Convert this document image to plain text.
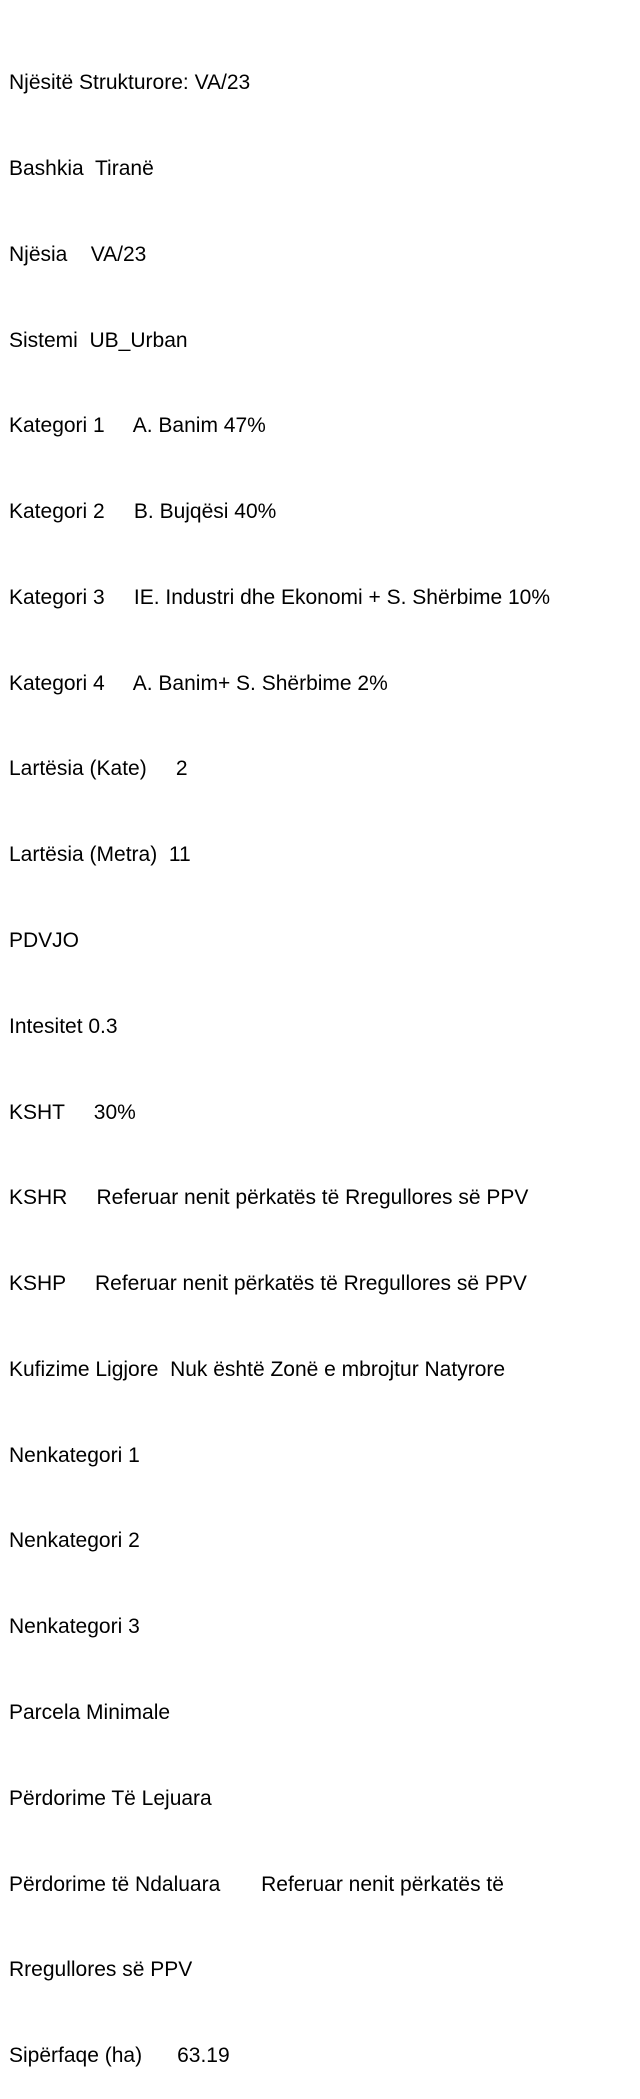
Njësitë Strukturore: VA/23

Bashkia  Tiranë

Njësia    VA/23

Sistemi  UB_Urban

Kategori 1     A. Banim 47%

Kategori 2     B. Bujqësi 40%

Kategori 3     IE. Industri dhe Ekonomi + S. Shërbime 10%

Kategori 4     A. Banim+ S. Shërbime 2%

Lartësia (Kate)     2

Lartësia (Metra)  11

PDVJO

Intesitet 0.3

KSHT     30%

KSHR     Referuar nenit përkatës të Rregullores së PPV

KSHP     Referuar nenit përkatës të Rregullores së PPV

Kufizime Ligjore  Nuk është Zonë e mbrojtur Natyrore

Nenkategori 1

Nenkategori 2

Nenkategori 3

Parcela Minimale

Përdorime Të Lejuara

Përdorime të Ndaluara       Referuar nenit përkatës të

Rregullores së PPV

Sipërfaqe (ha)      63.19
